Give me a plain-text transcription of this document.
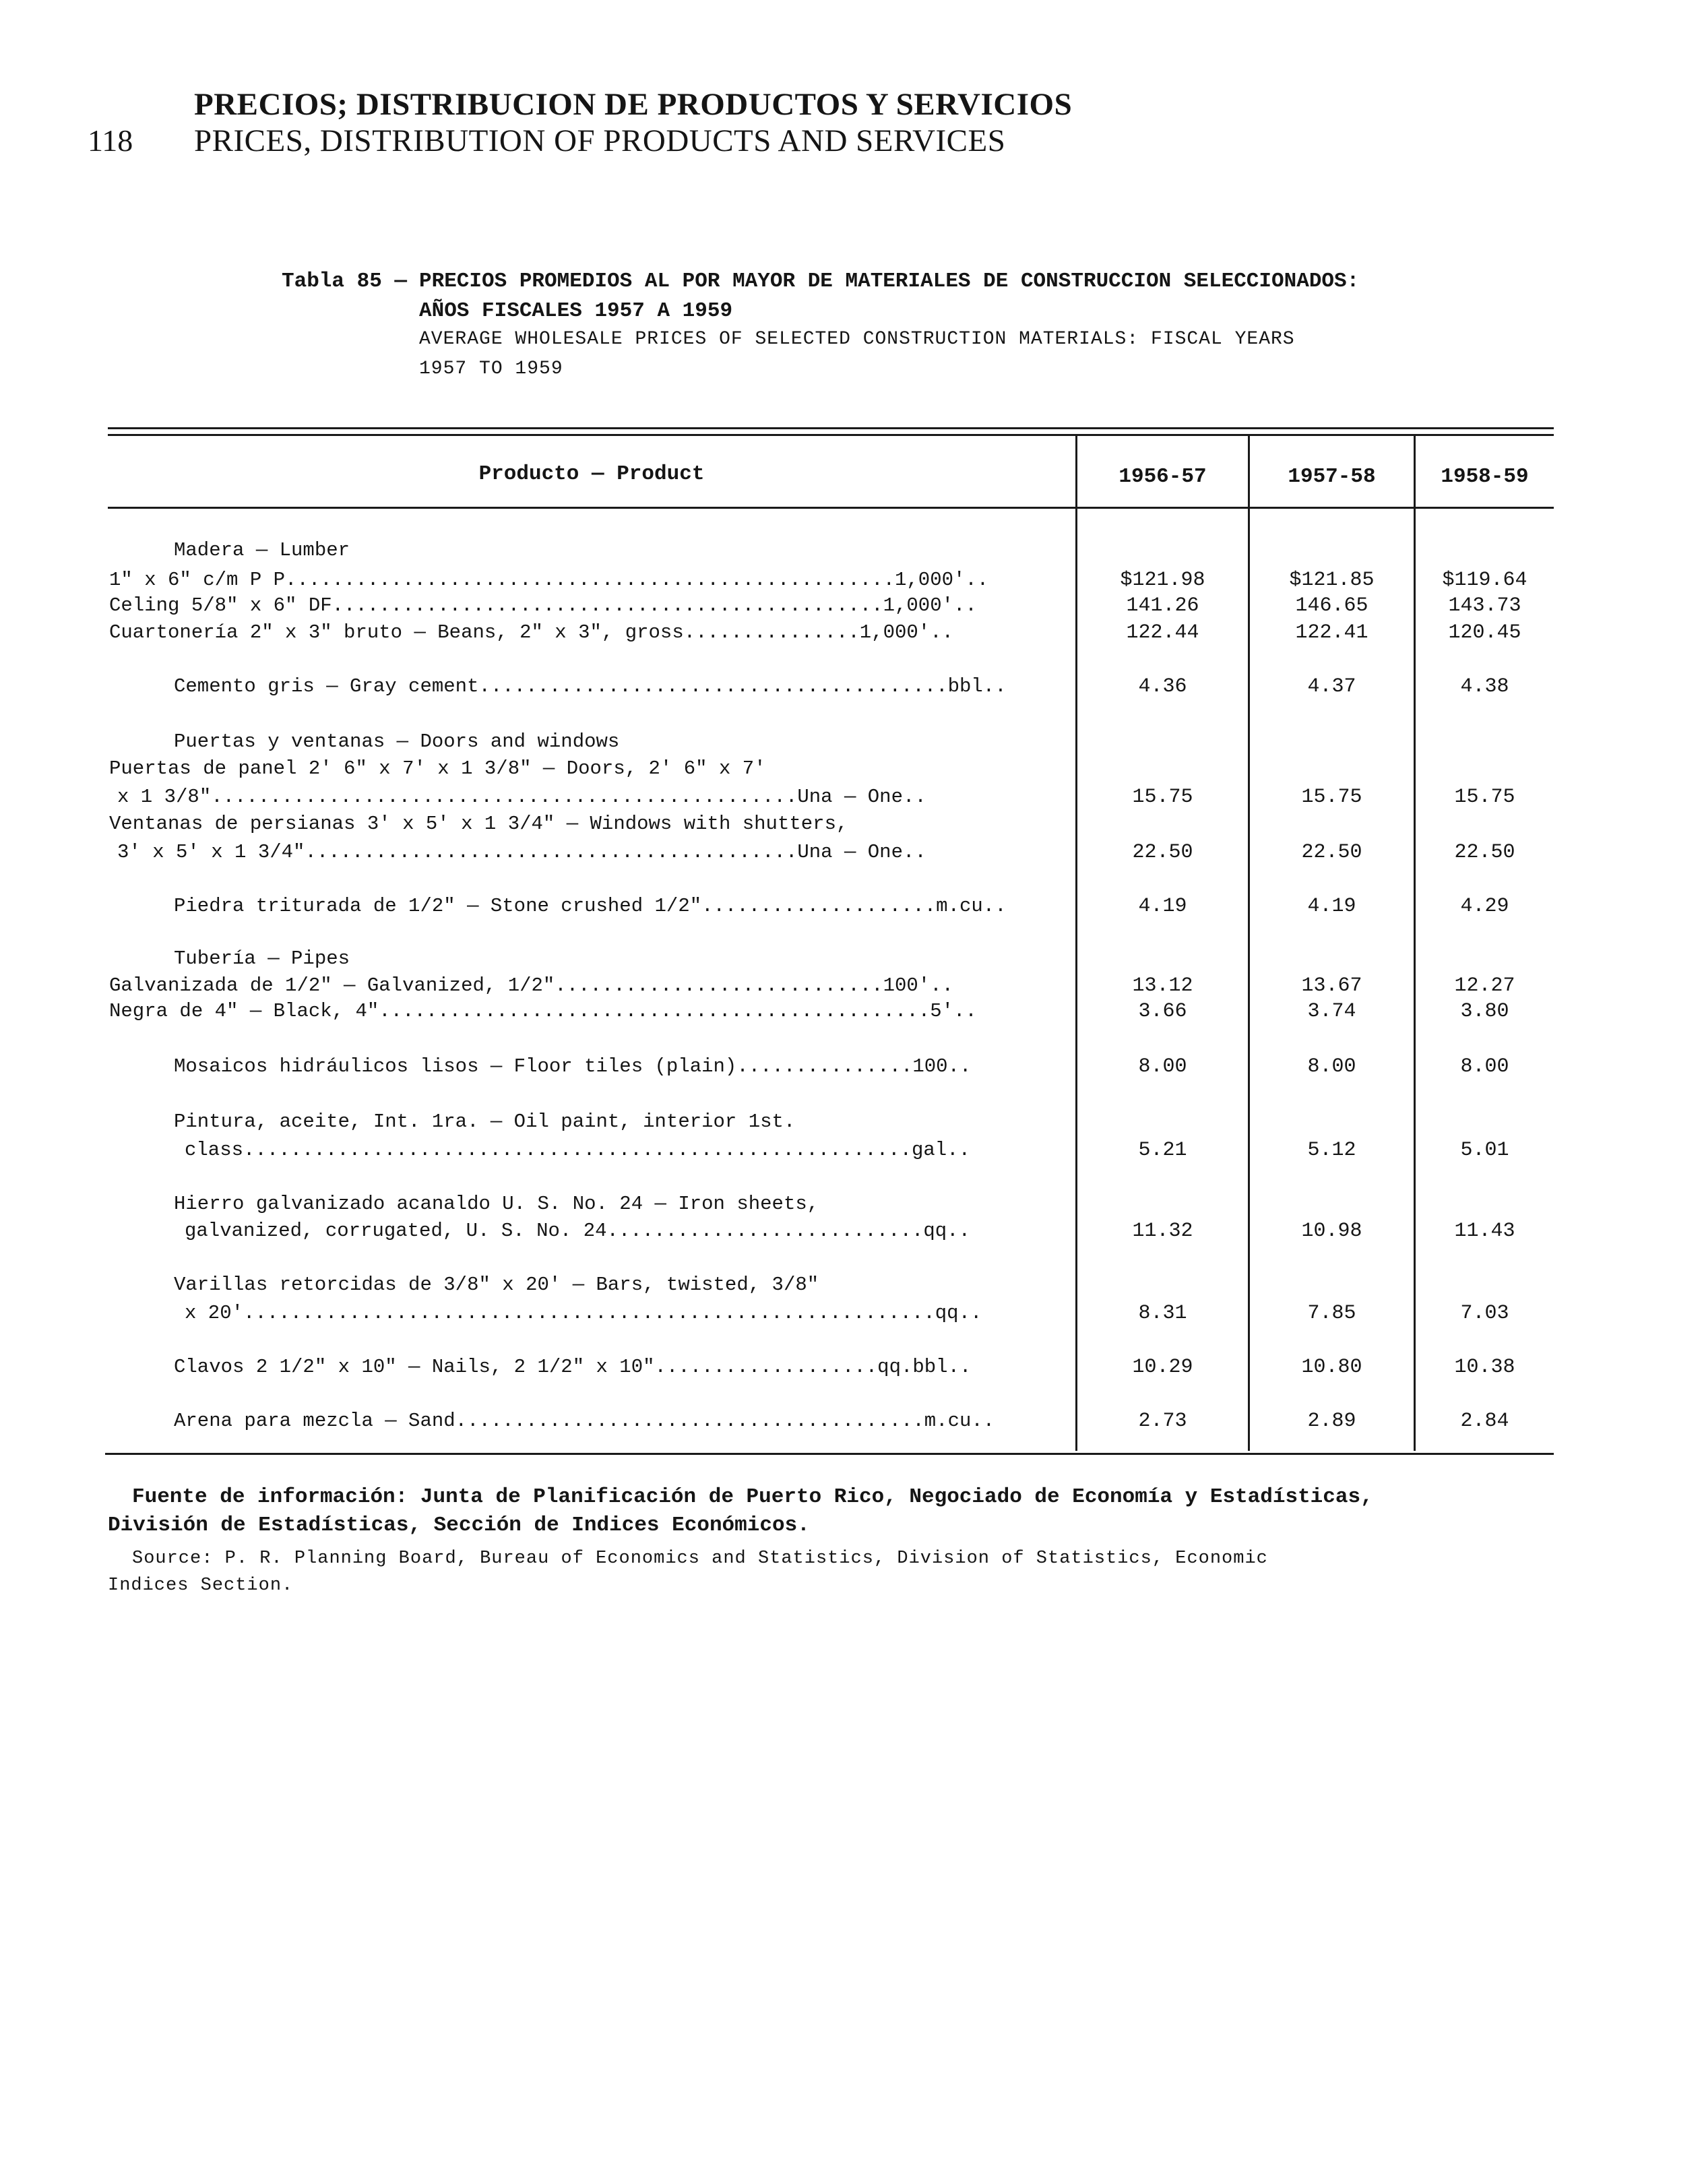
118
PRECIOS; DISTRIBUCION DE PRODUCTOS Y SERVICIOS
PRICES, DISTRIBUTION OF PRODUCTS AND SERVICES
Tabla 85 — PRECIOS PROMEDIOS AL POR MAYOR DE MATERIALES DE CONSTRUCCION SELECCIONADOS:
AÑOS FISCALES 1957 A 1959
AVERAGE WHOLESALE PRICES OF SELECTED CONSTRUCTION MATERIALS: FISCAL YEARS
1957 TO 1959
Producto — Product	1956-57	1957-58	1958-59
Madera — Lumber
1" x 6" c/m P P....................................................1,000'..	$121.98	$121.85	$119.64
Celing 5/8" x 6" DF...............................................1,000'..	141.26	146.65	143.73
Cuartonería 2" x 3" bruto — Beans, 2" x 3", gross...............1,000'..	122.44	122.41	120.45
Cemento gris — Gray cement........................................bbl..	4.36	4.37	4.38
Puertas y ventanas — Doors and windows
Puertas de panel 2' 6" x 7' x 1 3/8" — Doors, 2' 6" x 7'
x 1 3/8"..................................................Una — One..	15.75	15.75	15.75
Ventanas de persianas 3' x 5' x 1 3/4" — Windows with shutters,
3' x 5' x 1 3/4"..........................................Una — One..	22.50	22.50	22.50
Piedra triturada de 1/2" — Stone crushed 1/2"....................m.cu..	4.19	4.19	4.29
Tubería — Pipes
Galvanizada de 1/2" — Galvanized, 1/2"............................100'..	13.12	13.67	12.27
Negra de 4" — Black, 4"...............................................5'..	3.66	3.74	3.80
Mosaicos hidráulicos lisos — Floor tiles (plain)...............100..	8.00	8.00	8.00
Pintura, aceite, Int. 1ra. — Oil paint, interior 1st.
class.........................................................gal..	5.21	5.12	5.01
Hierro galvanizado acanaldo U. S. No. 24 — Iron sheets,
galvanized, corrugated, U. S. No. 24...........................qq..	11.32	10.98	11.43
Varillas retorcidas de 3/8" x 20' — Bars, twisted, 3/8"
x 20'...........................................................qq..	8.31	7.85	7.03
Clavos 2 1/2" x 10" — Nails, 2 1/2" x 10"...................qq.bbl..	10.29	10.80	10.38
Arena para mezcla — Sand........................................m.cu..	2.73	2.89	2.84
Fuente de información: Junta de Planificación de Puerto Rico, Negociado de Economía y Estadísticas,
División de Estadísticas, Sección de Indices Económicos.
Source: P. R. Planning Board, Bureau of Economics and Statistics, Division of Statistics, Economic
Indices Section.
